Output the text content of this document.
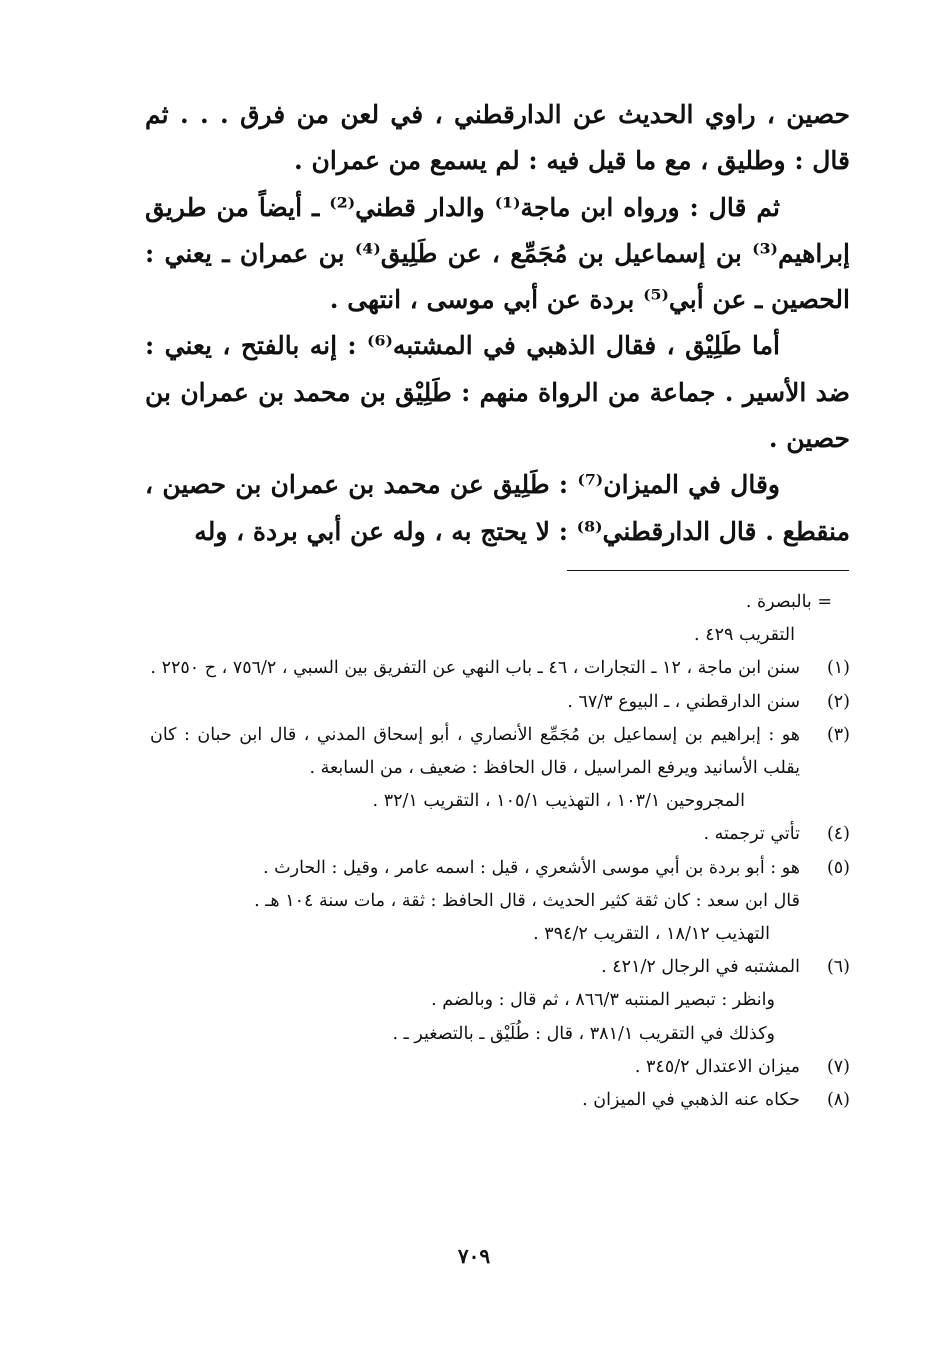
حصين ، راوي الحديث عن الدارقطني ، في لعن من فرق . . . ثم قال : وطليق ، مع ما قيل فيه : لم يسمع من عمران .

ثم قال : ورواه ابن ماجة⁽¹⁾ والدار قطني⁽²⁾ ـ أيضاً من طريق إبراهيم⁽³⁾ بن إسماعيل بن مُجَمِّع ، عن طَلِيق⁽⁴⁾ بن عمران ـ يعني : الحصين ـ عن أبي⁽⁵⁾ بردة عن أبي موسى ، انتهى .

أما طَلِيْق ، فقال الذهبي في المشتبه⁽⁶⁾ : إنه بالفتح ، يعني : ضد الأسير . جماعة من الرواة منهم : طَلِيْق بن محمد بن عمران بن حصين .

وقال في الميزان⁽⁷⁾ : طَلِيق عن محمد بن عمران بن حصين ، منقطع . قال الدارقطني⁽⁸⁾ : لا يحتج به ، وله عن أبي بردة ، وله

= بالبصرة .
التقريب ٤٢٩ .
(١)
سنن ابن ماجة ، ١٢ ـ التجارات ، ٤٦ ـ باب النهي عن التفريق بين السبي ، ٧٥٦/٢ ، ح ٢٢٥٠ .
(٢)
سنن الدارقطني ، ـ البيوع ٦٧/٣ .
(٣)
هو : إبراهيم بن إسماعيل بن مُجَمِّع الأنصاري ، أبو إسحاق المدني ، قال ابن حبان : كان يقلب الأسانيد ويرفع المراسيل ، قال الحافظ : ضعيف ، من السابعة .
المجروحين ١٠٣/١ ، التهذيب ١٠٥/١ ، التقريب ٣٢/١ .
(٤)
تأتي ترجمته .
(٥)
هو : أبو بردة بن أبي موسى الأشعري ، قيل : اسمه عامر ، وقيل : الحارث .
قال ابن سعد : كان ثقة كثير الحديث ، قال الحافظ : ثقة ، مات سنة ١٠٤ هـ .
التهذيب ١٨/١٢ ، التقريب ٣٩٤/٢ .
(٦)
المشتبه في الرجال ٤٢١/٢ .
وانظر : تبصير المنتبه ٨٦٦/٣ ، ثم قال : وبالضم .
وكذلك في التقريب ٣٨١/١ ، قال : طُلَيْق ـ بالتصغير ـ .
(٧)
ميزان الاعتدال ٣٤٥/٢ .
(٨)
حكاه عنه الذهبي في الميزان .
٧٠٩
